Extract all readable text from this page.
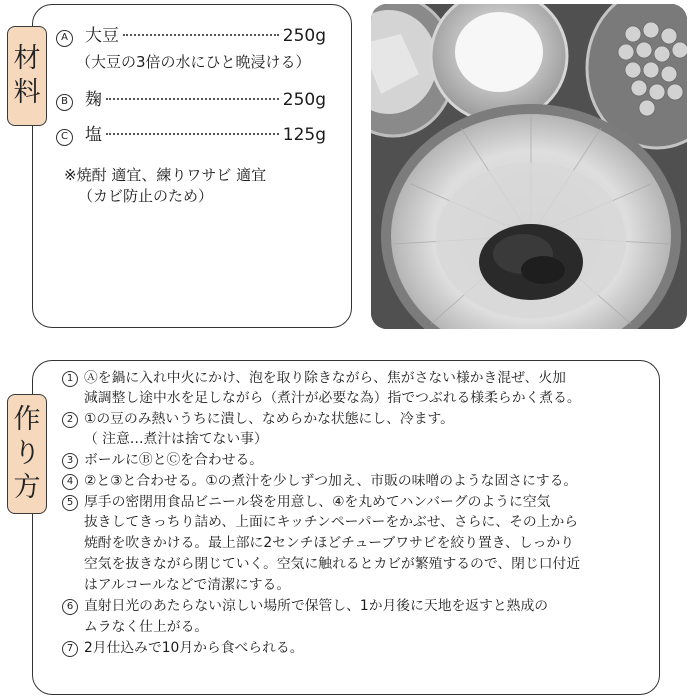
材
料
A 大豆	250g
（大豆の3倍の水にひと晩浸ける）
B 麹	250g
C 塩	125g
※焼酎 適宜、練りワサビ 適宜
（カビ防止のため）
作
り
方
1 Ⓐを鍋に入れ中火にかけ、泡を取り除きながら、焦がさない様かき混ぜ、火加
減調整し途中水を足しながら（煮汁が必要な為）指でつぶれる様柔らかく煮る。
2 ①の豆のみ熱いうちに潰し、なめらかな状態にし、冷ます。
（ 注意…煮汁は捨てない事）
3 ボールにⒷとⒸを合わせる。
4 ②と③と合わせる。①の煮汁を少しずつ加え、市販の味噌のような固さにする。
5 厚手の密閉用食品ビニール袋を用意し、④を丸めてハンバーグのように空気
抜きしてきっちり詰め、上面にキッチンペーパーをかぶせ、さらに、その上から
焼酎を吹きかける。最上部に2センチほどチューブワサビを絞り置き、しっかり
空気を抜きながら閉じていく。空気に触れるとカビが繁殖するので、閉じ口付近
はアルコールなどで清潔にする。
6 直射日光のあたらない涼しい場所で保管し、1か月後に天地を返すと熟成の
ムラなく仕上がる。
7 2月仕込みで10月から食べられる。
